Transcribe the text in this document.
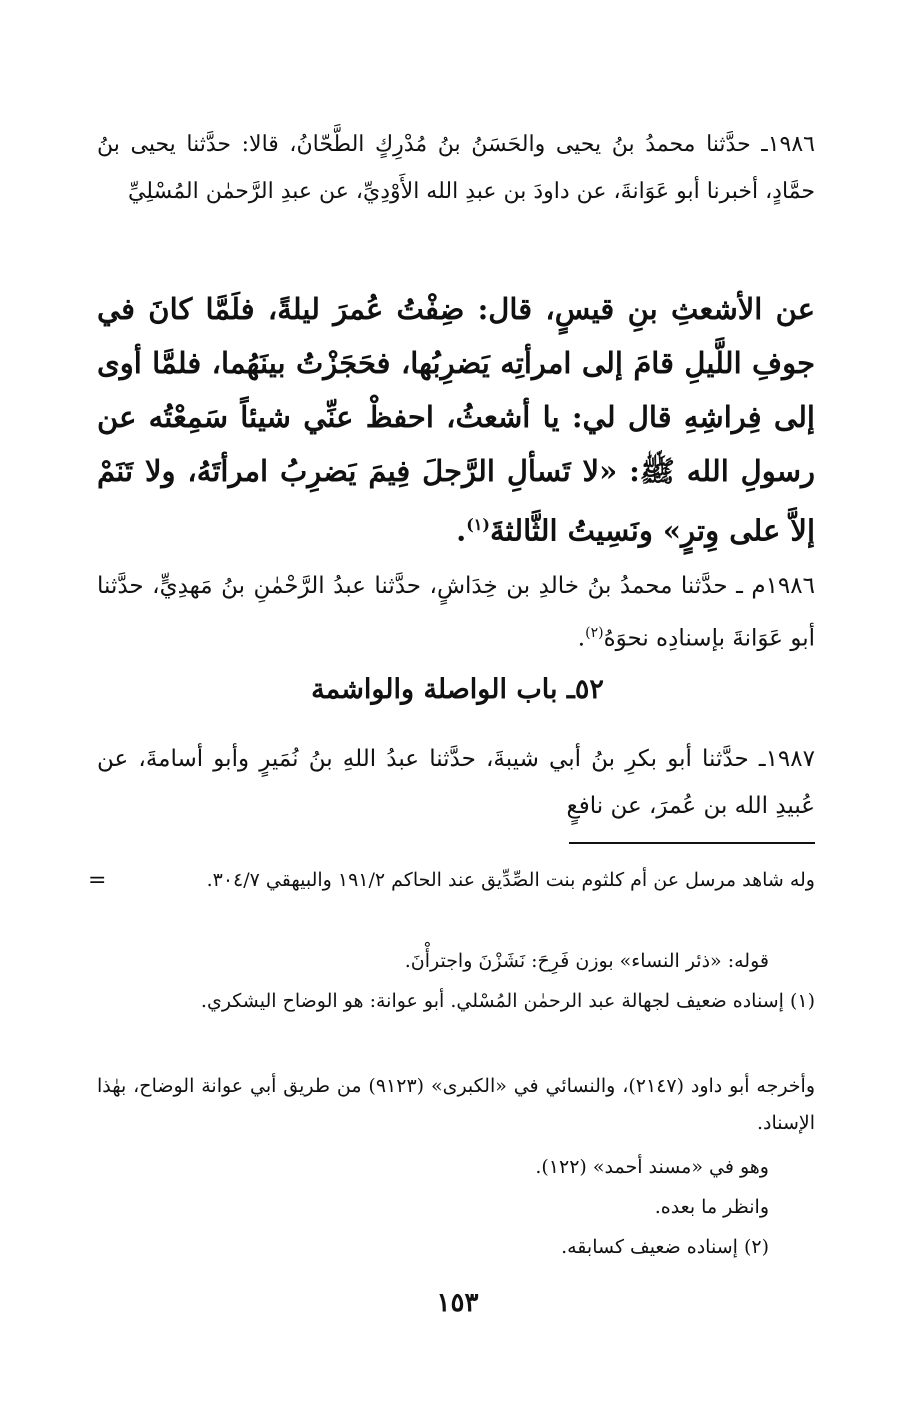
١٩٨٦ـ حدَّثنا محمدُ بنُ يحيى والحَسَنُ بنُ مُدْرِكٍ الطَّحّانُ، قالا: حدَّثنا يحيى بنُ حمَّادٍ، أخبرنا أبو عَوَانةَ، عن داودَ بن عبدِ الله الأَوْدِيِّ، عن عبدِ الرَّحمٰن المُسْلِيِّ

عن الأشعثِ بنِ قيسٍ، قال: ضِفْتُ عُمرَ ليلةً، فلَمَّا كانَ في جوفِ اللَّيلِ قامَ إلى امرأتِه يَضرِبُها، فحَجَزْتُ بينَهُما، فلمَّا أوى إلى فِراشِهِ قال لي: يا أشعثُ، احفظْ عنِّي شيئاً سَمِعْتُه عن رسولِ الله ﷺ: «لا تَسألِ الرَّجلَ فِيمَ يَضرِبُ امرأتَهُ، ولا تَنَمْ إلاَّ على وِترٍ» ونَسِيتُ الثَّالثةَ$^{(١)}$.

١٩٨٦م ـ حدَّثنا محمدُ بنُ خالدِ بن خِدَاشٍ، حدَّثنا عبدُ الرَّحْمٰنِ بنُ مَهدِيٍّ، حدَّثنا أبو عَوَانةَ بإسنادِه نحوَهُ$^{(٢)}$.

٥٢ـ باب الواصلة والواشمة

١٩٨٧ـ حدَّثنا أبو بكرِ بنُ أبي شيبةَ، حدَّثنا عبدُ اللهِ بنُ نُمَيرٍ وأبو أسامةَ، عن عُبيدِ الله بن عُمرَ، عن نافعٍ

=	وله شاهد مرسل عن أم كلثوم بنت الصِّدِّيق عند الحاكم ١٩١/٢ والبيهقي ٣٠٤/٧.

قوله: «ذئر النساء» بوزن فَرِحَ: نَشَزْنَ واجترأْنَ.

(١) إسناده ضعيف لجهالة عبد الرحمٰن المُسْلي. أبو عوانة: هو الوضاح اليشكري.

وأخرجه أبو داود (٢١٤٧)، والنسائي في «الكبرى» (٩١٢٣) من طريق أبي عوانة الوضاح، بهٰذا الإسناد.

وهو في «مسند أحمد» (١٢٢).

وانظر ما بعده.

(٢) إسناده ضعيف كسابقه.

١٥٣
